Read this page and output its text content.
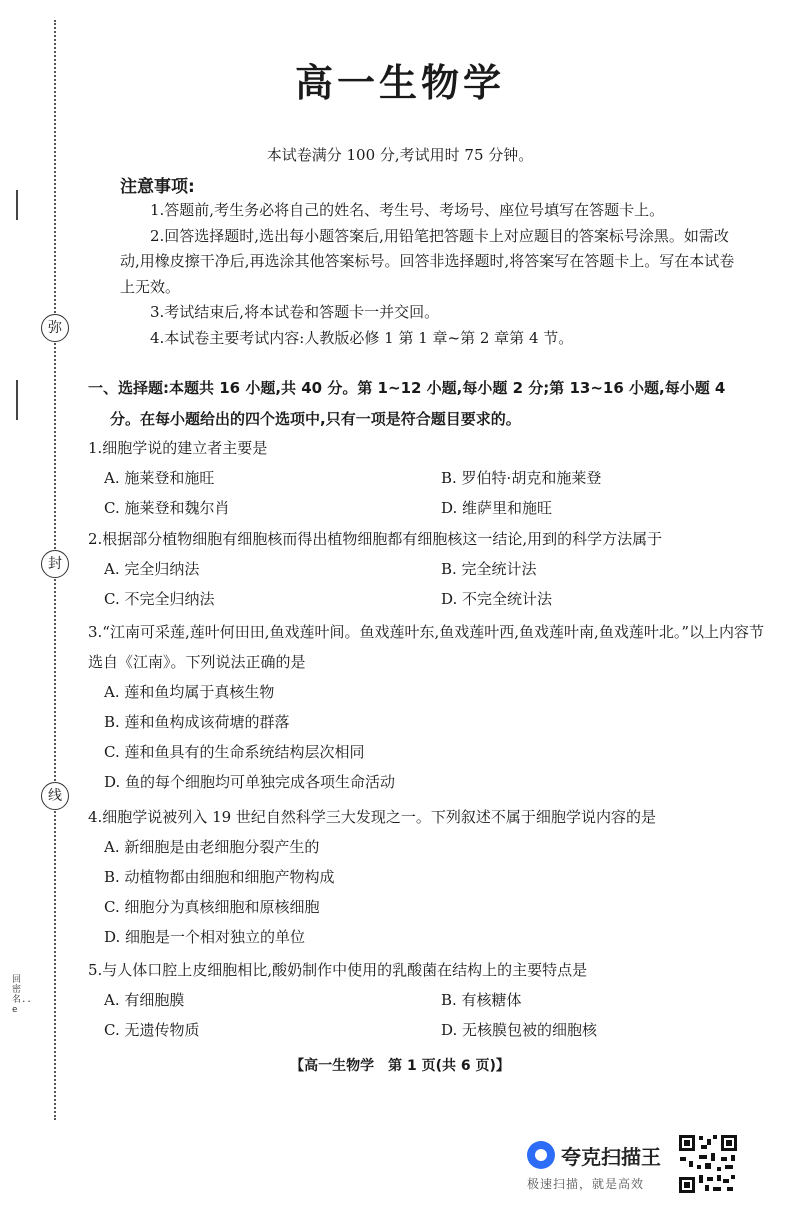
弥
封
线
回密名..e
高一生物学
本试卷满分 100 分,考试用时 75 分钟。
注意事项:

1.答题前,考生务必将自己的姓名、考生号、考场号、座位号填写在答题卡上。

2.回答选择题时,选出每小题答案后,用铅笔把答题卡上对应题目的答案标号涂黑。如需改动,用橡皮擦干净后,再选涂其他答案标号。回答非选择题时,将答案写在答题卡上。写在本试卷上无效。

3.考试结束后,将本试卷和答题卡一并交回。

4.本试卷主要考试内容:人教版必修 1 第 1 章~第 2 章第 4 节。

一、选择题:本题共 16 小题,共 40 分。第 1~12 小题,每小题 2 分;第 13~16 小题,每小题 4
分。在每小题给出的四个选项中,只有一项是符合题目要求的。

1.细胞学说的建立者主要是

A. 施莱登和施旺	B. 罗伯特·胡克和施莱登
C. 施莱登和魏尔肖	D. 维萨里和施旺

2.根据部分植物细胞有细胞核而得出植物细胞都有细胞核这一结论,用到的科学方法属于

A. 完全归纳法	B. 完全统计法
C. 不完全归纳法	D. 不完全统计法

3.“江南可采莲,莲叶何田田,鱼戏莲叶间。鱼戏莲叶东,鱼戏莲叶西,鱼戏莲叶南,鱼戏莲叶北。”以上内容节选自《江南》。下列说法正确的是

A. 莲和鱼均属于真核生物
B. 莲和鱼构成该荷塘的群落
C. 莲和鱼具有的生命系统结构层次相同
D. 鱼的每个细胞均可单独完成各项生命活动

4.细胞学说被列入 19 世纪自然科学三大发现之一。下列叙述不属于细胞学说内容的是

A. 新细胞是由老细胞分裂产生的
B. 动植物都由细胞和细胞产物构成
C. 细胞分为真核细胞和原核细胞
D. 细胞是一个相对独立的单位

5.与人体口腔上皮细胞相比,酸奶制作中使用的乳酸菌在结构上的主要特点是

A. 有细胞膜	B. 有核糖体
C. 无遗传物质	D. 无核膜包被的细胞核
【高一生物学　第 1 页(共 6 页)】
夸克扫描王
极速扫描，就是高效
